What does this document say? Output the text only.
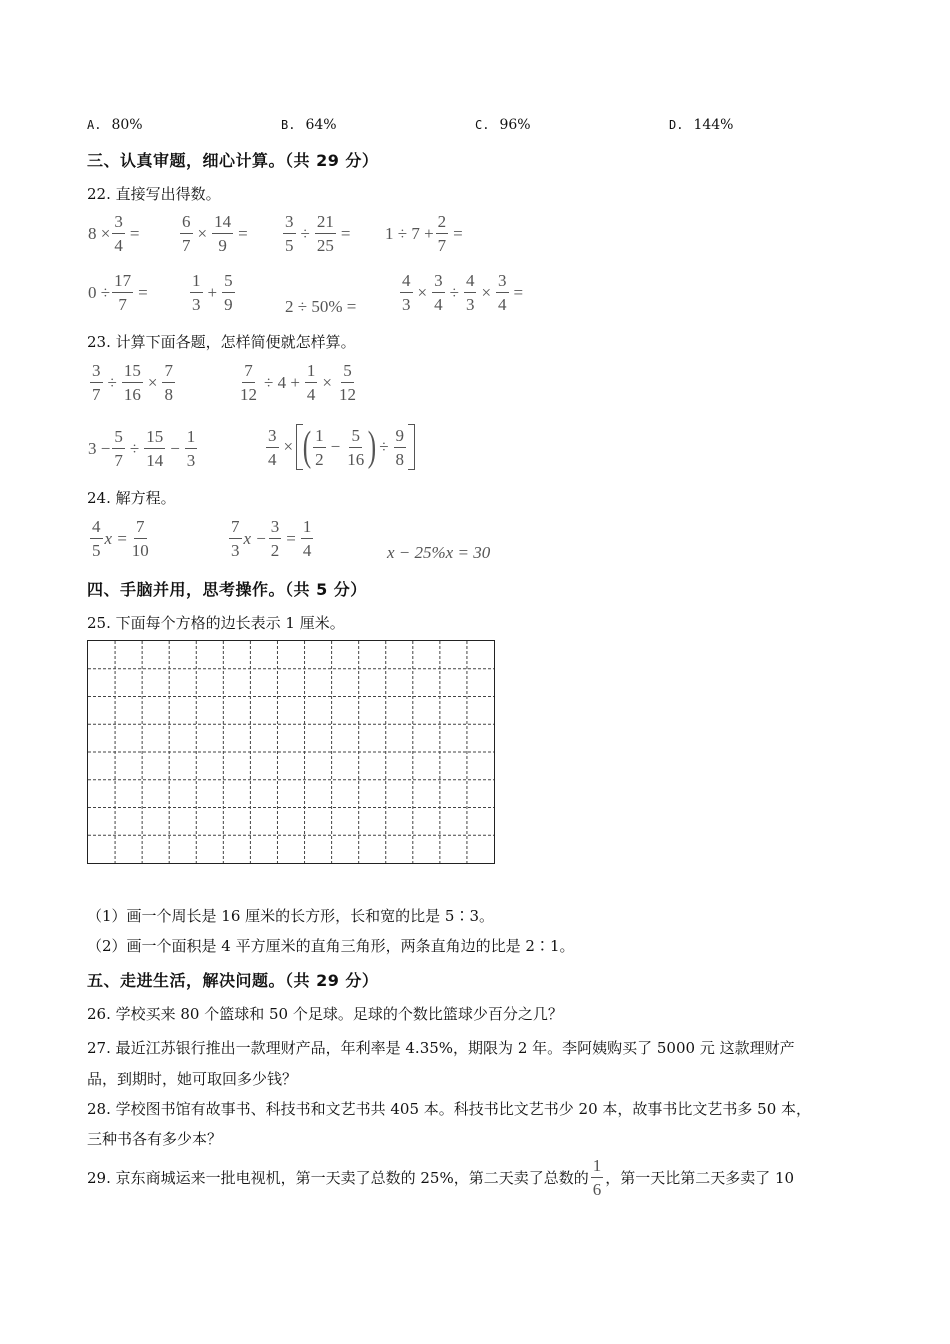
A. 80%	B. 64%	C. 96%	D. 144%
三、认真审题，细心计算。（共 29 分）
22. 直接写出得数。
$8 \times \frac{3}{4} = \frac{6}{7} \times \frac{14}{9} = \frac{3}{5} \div \frac{21}{25} = 1 \div 7 + \frac{2}{7}$ =
$0 \div \frac{17}{7} = \frac{1}{3} + \frac{5}{9}$	2 ÷ 50% =	$\frac{4}{3} \times \frac{3}{4} \div \frac{4}{3} \times \frac{3}{4}$ =
23. 计算下面各题，怎样简便就怎样算。
$\frac{3}{7} \div \frac{15}{16} \times \frac{7}{8}$	$\frac{7}{12} \div 4 + \frac{1}{4} \times \frac{5}{12}$
$3 - \frac{5}{7} \div \frac{15}{14} - \frac{1}{3}$	$\frac{3}{4}$ × ( $\frac{1}{2} - \frac{5}{16}$ ) ÷ $\frac{9}{8}$
24. 解方程。
$\frac{4}{5}$ $x = \frac{7}{10}$	$\frac{7}{3}$ $x - \frac{3}{2} = \frac{1}{4}$	x − 25%x = 30
四、手脑并用，思考操作。（共 5 分）
25. 下面每个方格的边长表示 1 厘米。
（1）画一个周长是 16 厘米的长方形，长和宽的比是 5∶3。
（2）画一个面积是 4 平方厘米的直角三角形，两条直角边的比是 2∶1。
五、走进生活，解决问题。（共 29 分）
26. 学校买来 80 个篮球和 50 个足球。足球的个数比篮球少百分之几？
27. 最近江苏银行推出一款理财产品，年利率是 4.35%，期限为 2 年。李阿姨购买了 5000 元 这款理财产
品，到期时，她可取回多少钱？
28. 学校图书馆有故事书、科技书和文艺书共 405 本。科技书比文艺书少 20 本，故事书比文艺书多 50 本，
三种书各有多少本？
29. 京东商城运来一批电视机，第一天卖了总数的 25%，第二天卖了总数的 $\frac{1}{6}$ ，第一天比第二天多卖了 10
